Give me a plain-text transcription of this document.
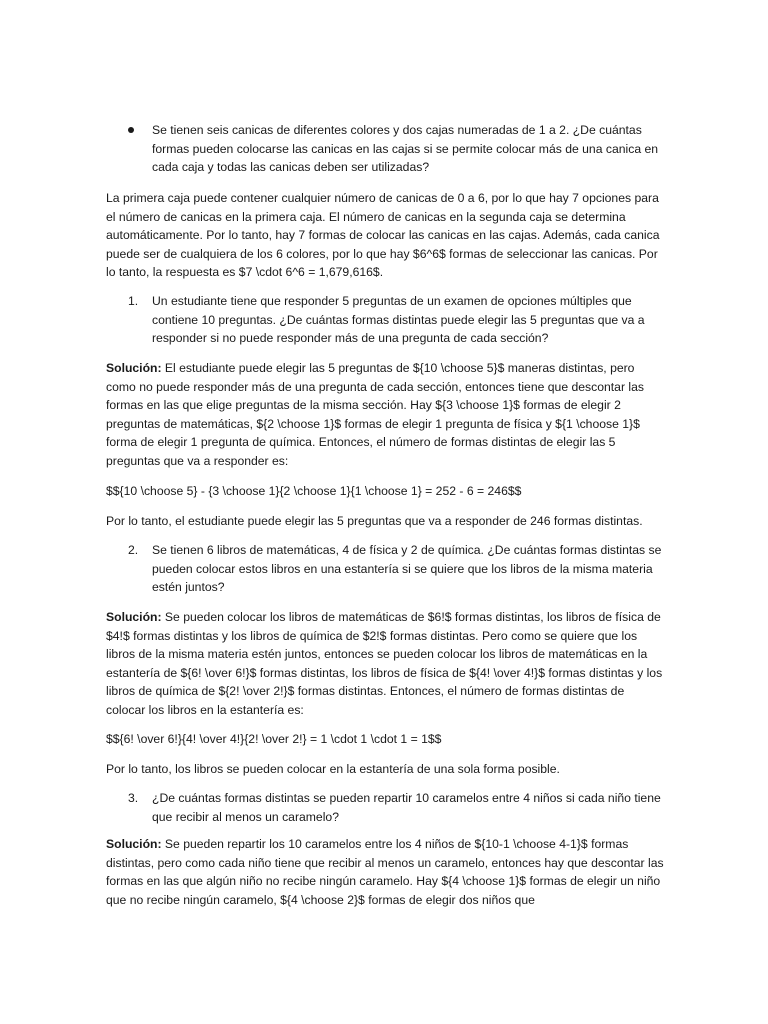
Se tienen seis canicas de diferentes colores y dos cajas numeradas de 1 a 2. ¿De cuántas formas pueden colocarse las canicas en las cajas si se permite colocar más de una canica en cada caja y todas las canicas deben ser utilizadas?

La primera caja puede contener cualquier número de canicas de 0 a 6, por lo que hay 7 opciones para el número de canicas en la primera caja. El número de canicas en la segunda caja se determina automáticamente. Por lo tanto, hay 7 formas de colocar las canicas en las cajas. Además, cada canica puede ser de cualquiera de los 6 colores, por lo que hay $6^6$ formas de seleccionar las canicas. Por lo tanto, la respuesta es $7 \cdot 6^6 = 1,679,616$.

1. Un estudiante tiene que responder 5 preguntas de un examen de opciones múltiples que contiene 10 preguntas. ¿De cuántas formas distintas puede elegir las 5 preguntas que va a responder si no puede responder más de una pregunta de cada sección?

Solución: El estudiante puede elegir las 5 preguntas de ${10 \choose 5}$ maneras distintas, pero como no puede responder más de una pregunta de cada sección, entonces tiene que descontar las formas en las que elige preguntas de la misma sección. Hay ${3 \choose 1}$ formas de elegir 2 preguntas de matemáticas, ${2 \choose 1}$ formas de elegir 1 pregunta de física y ${1 \choose 1}$ forma de elegir 1 pregunta de química. Entonces, el número de formas distintas de elegir las 5 preguntas que va a responder es:

$${10 \choose 5} - {3 \choose 1}{2 \choose 1}{1 \choose 1} = 252 - 6 = 246$$

Por lo tanto, el estudiante puede elegir las 5 preguntas que va a responder de 246 formas distintas.

2. Se tienen 6 libros de matemáticas, 4 de física y 2 de química. ¿De cuántas formas distintas se pueden colocar estos libros en una estantería si se quiere que los libros de la misma materia estén juntos?

Solución: Se pueden colocar los libros de matemáticas de $6!$ formas distintas, los libros de física de $4!$ formas distintas y los libros de química de $2!$ formas distintas. Pero como se quiere que los libros de la misma materia estén juntos, entonces se pueden colocar los libros de matemáticas en la estantería de ${6! \over 6!}$ formas distintas, los libros de física de ${4! \over 4!}$ formas distintas y los libros de química de ${2! \over 2!}$ formas distintas. Entonces, el número de formas distintas de colocar los libros en la estantería es:

$${6! \over 6!}{4! \over 4!}{2! \over 2!} = 1 \cdot 1 \cdot 1 = 1$$

Por lo tanto, los libros se pueden colocar en la estantería de una sola forma posible.

3. ¿De cuántas formas distintas se pueden repartir 10 caramelos entre 4 niños si cada niño tiene que recibir al menos un caramelo?

Solución: Se pueden repartir los 10 caramelos entre los 4 niños de ${10-1 \choose 4-1}$ formas distintas, pero como cada niño tiene que recibir al menos un caramelo, entonces hay que descontar las formas en las que algún niño no recibe ningún caramelo. Hay ${4 \choose 1}$ formas de elegir un niño que no recibe ningún caramelo, ${4 \choose 2}$ formas de elegir dos niños que
